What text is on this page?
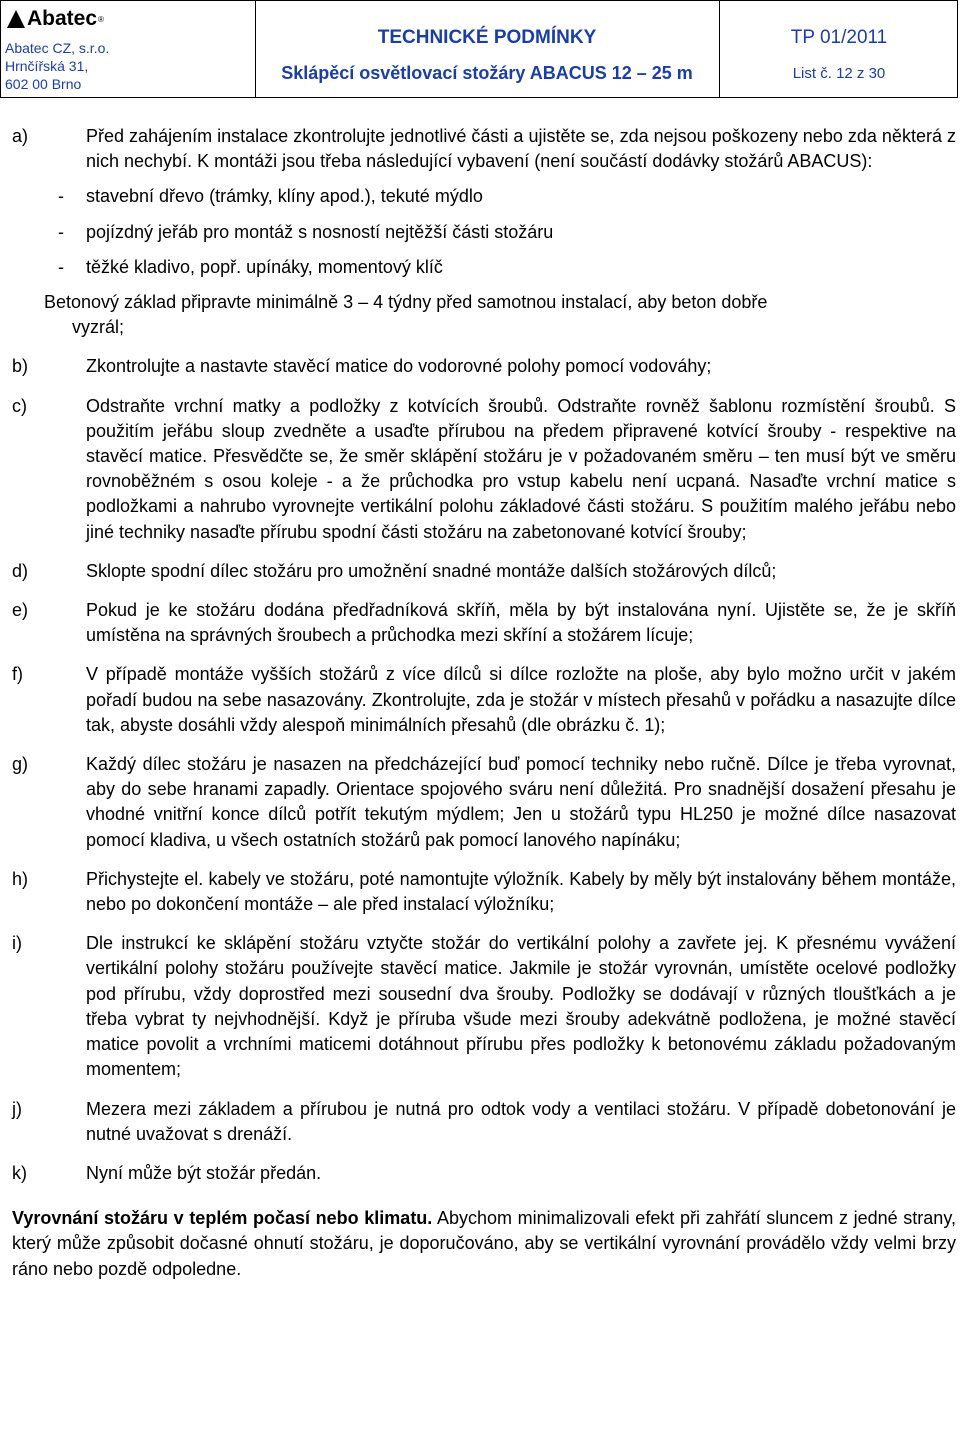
Abatec ®
Abatec CZ, s.r.o.
Hrnčířská 31,
602 00 Brno
TECHNICKÉ PODMÍNKY
Sklápěcí osvětlovací stožáry ABACUS 12 – 25 m
TP 01/2011
List č. 12 z 30
a)	Před zahájením instalace zkontrolujte jednotlivé části a ujistěte se, zda nejsou poškozeny nebo zda některá z nich nechybí. K montáži jsou třeba následující vybavení (není součástí dodávky stožárů ABACUS):
- stavební dřevo (trámky, klíny apod.), tekuté mýdlo
- pojízdný jeřáb pro montáž s nosností nejtěžší části stožáru
- těžké kladivo, popř. upínáky, momentový klíč
Betonový základ připravte minimálně 3 – 4 týdny před samotnou instalací, aby beton dobře
vyzrál;
b)	Zkontrolujte a nastavte stavěcí matice do vodorovné polohy pomocí vodováhy;
c)	Odstraňte vrchní matky a podložky z kotvících šroubů. Odstraňte rovněž šablonu rozmístění šroubů. S použitím jeřábu sloup zvedněte a usaďte přírubou na předem připravené kotvící šrouby - respektive na stavěcí matice. Přesvědčte se, že směr sklápění stožáru je v požadovaném směru – ten musí být ve směru rovnoběžném s osou koleje - a že průchodka pro vstup kabelu není ucpaná. Nasaďte vrchní matice s podložkami a nahrubo vyrovnejte vertikální polohu základové části stožáru. S použitím malého jeřábu nebo jiné techniky nasaďte přírubu spodní části stožáru na zabetonované kotvící šrouby;
d)	Sklopte spodní dílec stožáru pro umožnění snadné montáže dalších stožárových dílců;
e)	Pokud je ke stožáru dodána předřadníková skříň, měla by být instalována nyní. Ujistěte se, že je skříň umístěna na správných šroubech a průchodka mezi skříní a stožárem lícuje;
f)	V případě montáže vyšších stožárů z více dílců si dílce rozložte na ploše, aby bylo možno určit v jakém pořadí budou na sebe nasazovány. Zkontrolujte, zda je stožár v místech přesahů v pořádku a nasazujte dílce tak, abyste dosáhli vždy alespoň minimálních přesahů (dle obrázku č. 1);
g)	Každý dílec stožáru je nasazen na předcházející buď pomocí techniky nebo ručně. Dílce je třeba vyrovnat, aby do sebe hranami zapadly. Orientace spojového sváru není důležitá. Pro snadnější dosažení přesahu je vhodné vnitřní konce dílců potřít tekutým mýdlem; Jen u stožárů typu HL250 je možné dílce nasazovat pomocí kladiva, u všech ostatních stožárů pak pomocí lanového napínáku;
h)	Přichystejte el. kabely ve stožáru, poté namontujte výložník. Kabely by měly být instalovány během montáže, nebo po dokončení montáže – ale před instalací výložníku;
i)	Dle instrukcí ke sklápění stožáru vztyčte stožár do vertikální polohy a zavřete jej. K přesnému vyvážení vertikální polohy stožáru používejte stavěcí matice. Jakmile je stožár vyrovnán, umístěte ocelové podložky pod přírubu, vždy doprostřed mezi sousední dva šrouby. Podložky se dodávají v různých tloušťkách a je třeba vybrat ty nejvhodnější. Když je příruba všude mezi šrouby adekvátně podložena, je možné stavěcí matice povolit a vrchními maticemi dotáhnout přírubu přes podložky k betonovému základu požadovaným momentem;
j)	Mezera mezi základem a přírubou je nutná pro odtok vody a ventilaci stožáru. V případě dobetonování je nutné uvažovat s drenáží.
k)	Nyní může být stožár předán.
Vyrovnání stožáru v teplém počasí nebo klimatu. Abychom minimalizovali efekt při zahřátí sluncem z jedné strany, který může způsobit dočasné ohnutí stožáru, je doporučováno, aby se vertikální vyrovnání provádělo vždy velmi brzy ráno nebo pozdě odpoledne.
